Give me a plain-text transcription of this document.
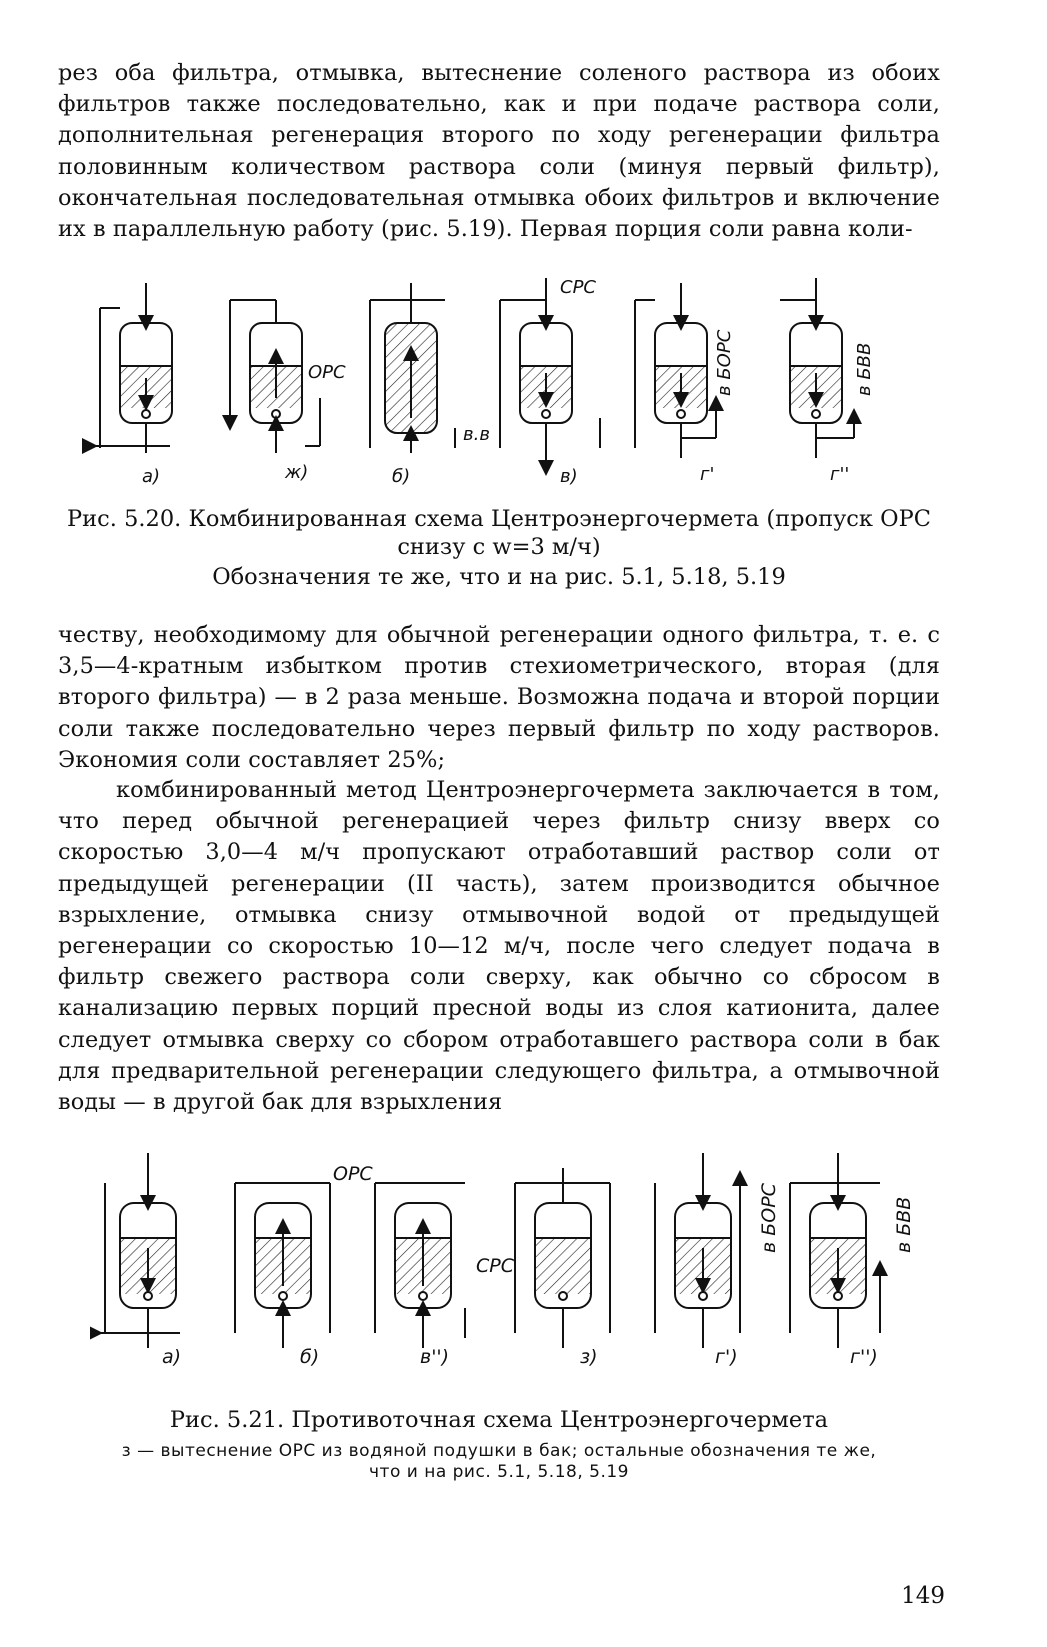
рез оба фильтра, отмывка, вытеснение соленого раствора из обоих фильтров также последовательно, как и при подаче раствора соли, дополнительная регенерация второго по ходу регенерации фильтра половинным количеством раствора соли (минуя первый фильтр), окончательная последовательная отмывка обоих фильтров и включение их в параллельную работу (рис. 5.19). Первая порция соли равна коли-

а)	ж)	б)	в)	г'	г''
ОРС
СРС
в.в
в БОРС	в БВВ

Рис. 5.20. Комбинированная схема Центроэнергочермета (пропуск ОРС

снизу с w=3 м/ч)

Обозначения те же, что и на рис. 5.1, 5.18, 5.19

честву, необходимому для обычной регенерации одного фильтра, т. е. с 3,5—4-кратным избытком против стехиометрического, вторая (для второго фильтра) — в 2 раза меньше. Возможна подача и второй порции соли также последовательно через первый фильтр по ходу растворов. Экономия соли составляет 25%;

комбинированный метод Центроэнергочермета заключается в том, что перед обычной регенерацией через фильтр снизу вверх со скоростью 3,0—4 м/ч пропускают отработавший раствор соли от предыдущей регенерации (II часть), затем производится обычное взрыхление, отмывка снизу отмывочной водой от предыдущей регенерации со скоростью 10—12 м/ч, после чего следует подача в фильтр свежего раствора соли сверху, как обычно со сбросом в канализацию первых порций пресной воды из слоя катионита, далее следует отмывка сверху со сбором отработавшего раствора соли в бак для предварительной регенерации следующего фильтра, а отмывочной воды — в другой бак для взрыхления

а)	б)	в'')	з)	г')	г'')
ОРС
СРС
в БОРС	в БВВ

Рис. 5.21. Противоточная схема Центроэнергочермета

з — вытеснение ОРС из водяной подушки в бак; остальные обозначения те же,

что и на рис. 5.1, 5.18, 5.19

149
